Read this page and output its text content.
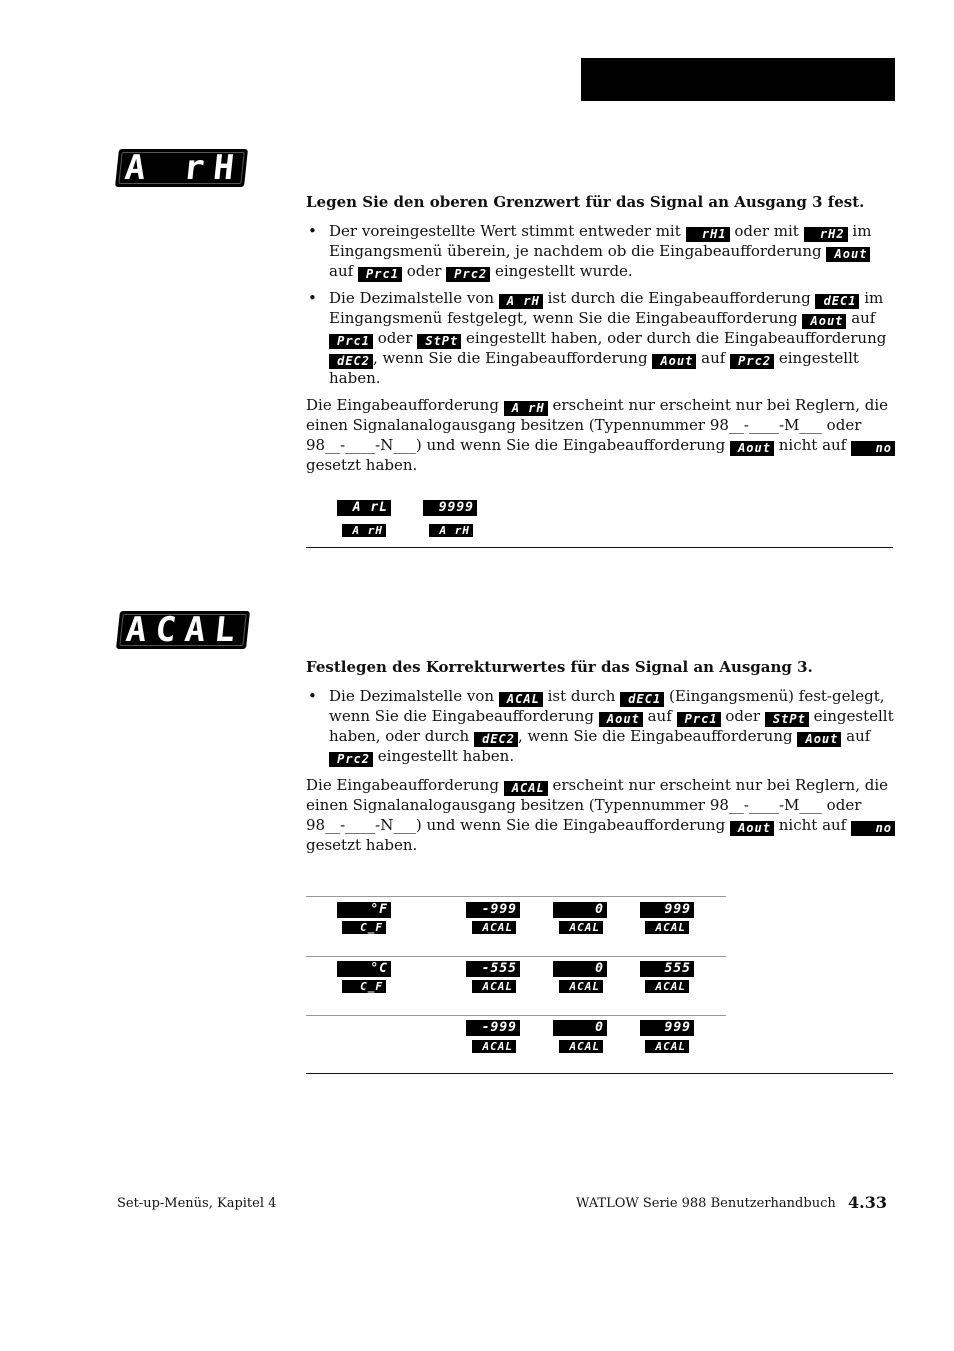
A rH

Legen Sie den oberen Grenzwert für das Signal an Ausgang 3 fest.

• Der voreingestellte Wert stimmt entweder mit rH1 oder mit rH2 im Eingangsmenü überein, je nachdem ob die Eingabeaufforderung Aout auf Prc1 oder Prc2 eingestellt wurde.
• Die Dezimalstelle von A rH ist durch die Eingabeaufforderung dEC1 im Eingangsmenü festgelegt, wenn Sie die Eingabeaufforderung Aout auf Prc1 oder StPt eingestellt haben, oder durch die Eingabeaufforderung dEC2 , wenn Sie die Eingabeaufforderung Aout auf Prc2 eingestellt haben.

Die Eingabeaufforderung A rH erscheint nur erscheint nur bei Reglern, die einen Signalanalogausgang besitzen (Typennummer 98__-____-M___ oder 98__-____-N___) und wenn Sie die Eingabeaufforderung Aout nicht auf no gesetzt haben.

A rL
A rH
9999
A rH
ACAL

Festlegen des Korrekturwertes für das Signal an Ausgang 3.

• Die Dezimalstelle von ACAL ist durch dEC1 (Eingangsmenü) fest-gelegt, wenn Sie die Eingabeaufforderung Aout auf Prc1 oder StPt eingestellt haben, oder durch dEC2 , wenn Sie die Eingabeaufforderung Aout auf Prc2 eingestellt haben.

Die Eingabeaufforderung ACAL erscheint nur erscheint nur bei Reglern, die einen Signalanalogausgang besitzen (Typennummer 98__-____-M___ oder 98__-____-N___) und wenn Sie die Eingabeaufforderung Aout nicht auf no gesetzt haben.

°F
C_F
-999
ACAL
0
ACAL
999
ACAL
°C
C_F
-555
ACAL
0
ACAL
555
ACAL
-999
ACAL
0
ACAL
999
ACAL
Set-up-Menüs, Kapitel 4	WATLOW Serie 988 Benutzerhandbuch 4.33
